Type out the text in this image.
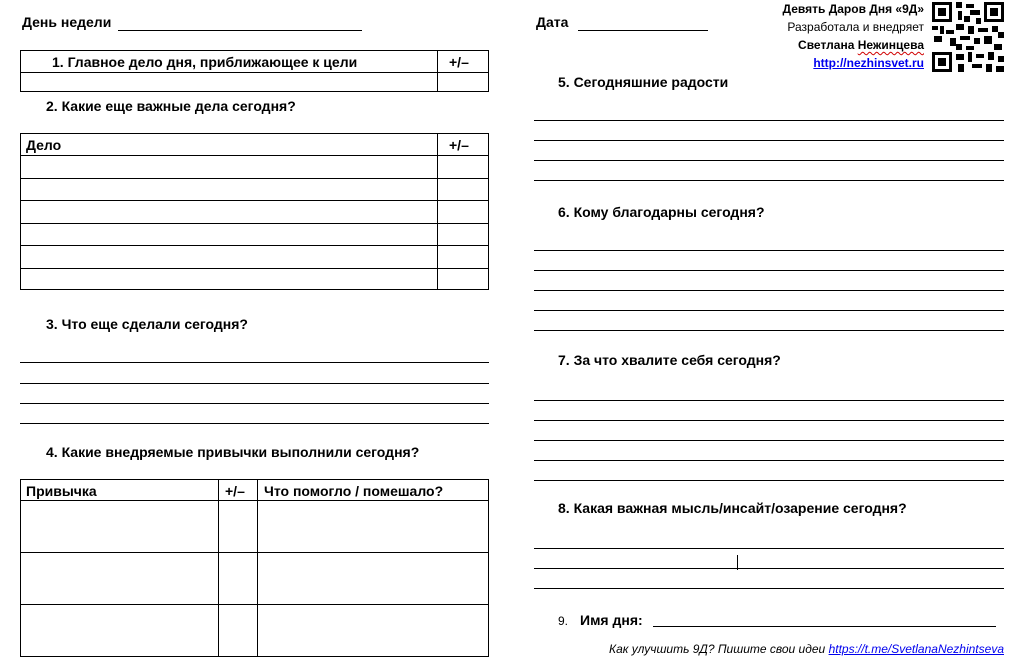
День недели	Дата
Девять Даров Дня «9Д»
Разработала и внедряет
Светлана Нежинцева
http://nezhinsvet.ru
1. Главное дело дня, приближающее к цели	+/–
2. Какие еще важные дела сегодня?
Дело	+/–
3. Что еще сделали сегодня?
4. Какие внедряемые привычки выполнили сегодня?
Привычка	+/– Что помогло / помешало?
5. Сегодняшние радости
6. Кому благодарны сегодня?
7. За что хвалите себя сегодня?
8. Какая важная мысль/инсайт/озарение сегодня?
9. Имя дня:
Как улучшить 9Д? Пишите свои идеи https://t.me/SvetlanaNezhintseva
